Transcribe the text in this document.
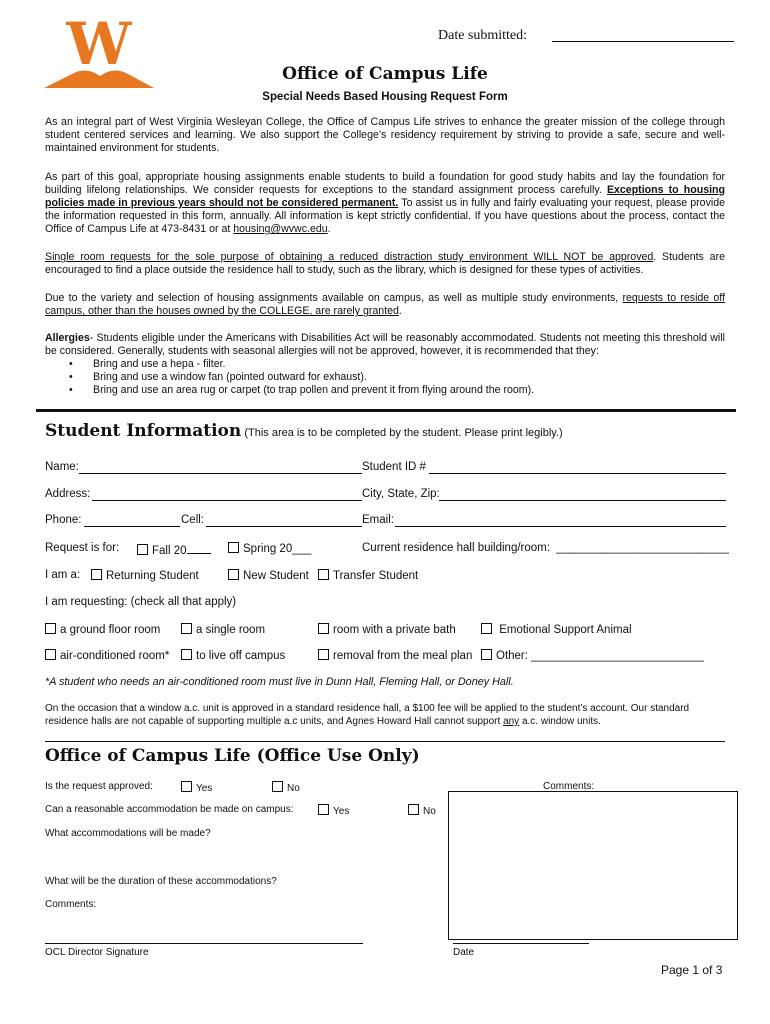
W	Date submitted:
Office of Campus Life
Special Needs Based Housing Request Form

As an integral part of West Virginia Wesleyan College, the Office of Campus Life strives to enhance the greater mission of the college through student centered services and learning. We also support the College’s residency requirement by striving to provide a safe, secure and well-maintained environment for students.

As part of this goal, appropriate housing assignments enable students to build a foundation for good study habits and lay the foundation for building lifelong relationships. We consider requests for exceptions to the standard assignment process carefully. Exceptions to housing policies made in previous years should not be considered permanent. To assist us in fully and fairly evaluating your request, please provide the information requested in this form, annually. All information is kept strictly confidential. If you have questions about the process, contact the Office of Campus Life at 473-8431 or at housing@wvwc.edu.

Single room requests for the sole purpose of obtaining a reduced distraction study environment WILL NOT be approved. Students are encouraged to find a place outside the residence hall to study, such as the library, which is designed for these types of activities.

Due to the variety and selection of housing assignments available on campus, as well as multiple study environments, requests to reside off campus, other than the houses owned by the COLLEGE, are rarely granted.

Allergies- Students eligible under the Americans with Disabilities Act will be reasonably accommodated. Students not meeting this threshold will be considered. Generally, students with seasonal allergies will not be approved, however, it is recommended that they:

• Bring and use a hepa - filter.
• Bring and use a window fan (pointed outward for exhaust).
• Bring and use an area rug or carpet (to trap pollen and prevent it from flying around the room).
Student Information (This area is to be completed by the student. Please print legibly.)
Name:	Student ID #
Address:	City, State, Zip:
Phone:	Cell:	Email:
Request is for:	Fall 20	Spring 20___	Current residence hall building/room: ___________________________
I am a:	Returning Student	New Student	Transfer Student
I am requesting: (check all that apply)
a ground floor room	a single room	room with a private bath	Emotional Support Animal
air-conditioned room*	to live off campus	removal from the meal plan	Other: ___________________________
*A student who needs an air-conditioned room must live in Dunn Hall, Fleming Hall, or Doney Hall.
On the occasion that a window a.c. unit is approved in a standard residence hall, a $100 fee will be applied to the student’s account. Our standard residence halls are not capable of supporting multiple a.c units, and Agnes Howard Hall cannot support any a.c. window units.
Office of Campus Life (Office Use Only)
Is the request approved:	Yes	No	Comments:
Can a reasonable accommodation be made on campus:	Yes	No
What accommodations will be made?
What will be the duration of these accommodations?
Comments:
OCL Director Signature	Date
Page 1 of 3
